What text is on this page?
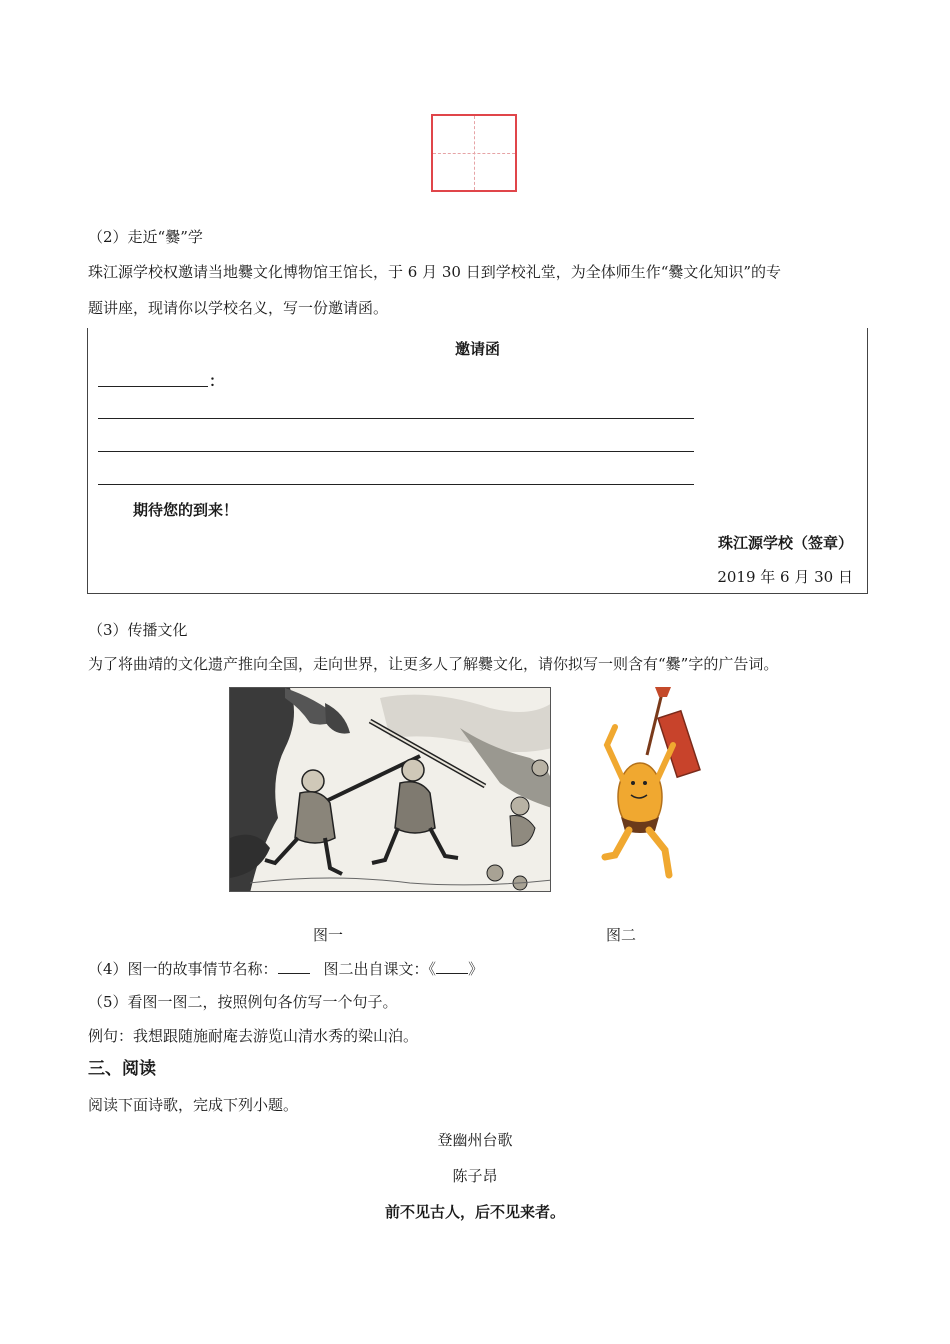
（2）走近“爨”学
珠江源学校权邀请当地爨文化博物馆王馆长，于 6 月 30 日到学校礼堂，为全体师生作“爨文化知识”的专
题讲座，现请你以学校名义，写一份邀请函。
邀请函
：
期待您的到来！
珠江源学校（签章）
2019 年 6 月 30 日
（3）传播文化
为了将曲靖的文化遗产推向全国，走向世界，让更多人了解爨文化，请你拟写一则含有“爨”字的广告词。
图一	图二
（4）图一的故事情节名称：	图二出自课文：《 》
（5）看图一图二，按照例句各仿写一个句子。
例句：我想跟随施耐庵去游览山清水秀的梁山泊。
三、阅读
阅读下面诗歌，完成下列小题。
登幽州台歌
陈子昂
前不见古人，后不见来者。
